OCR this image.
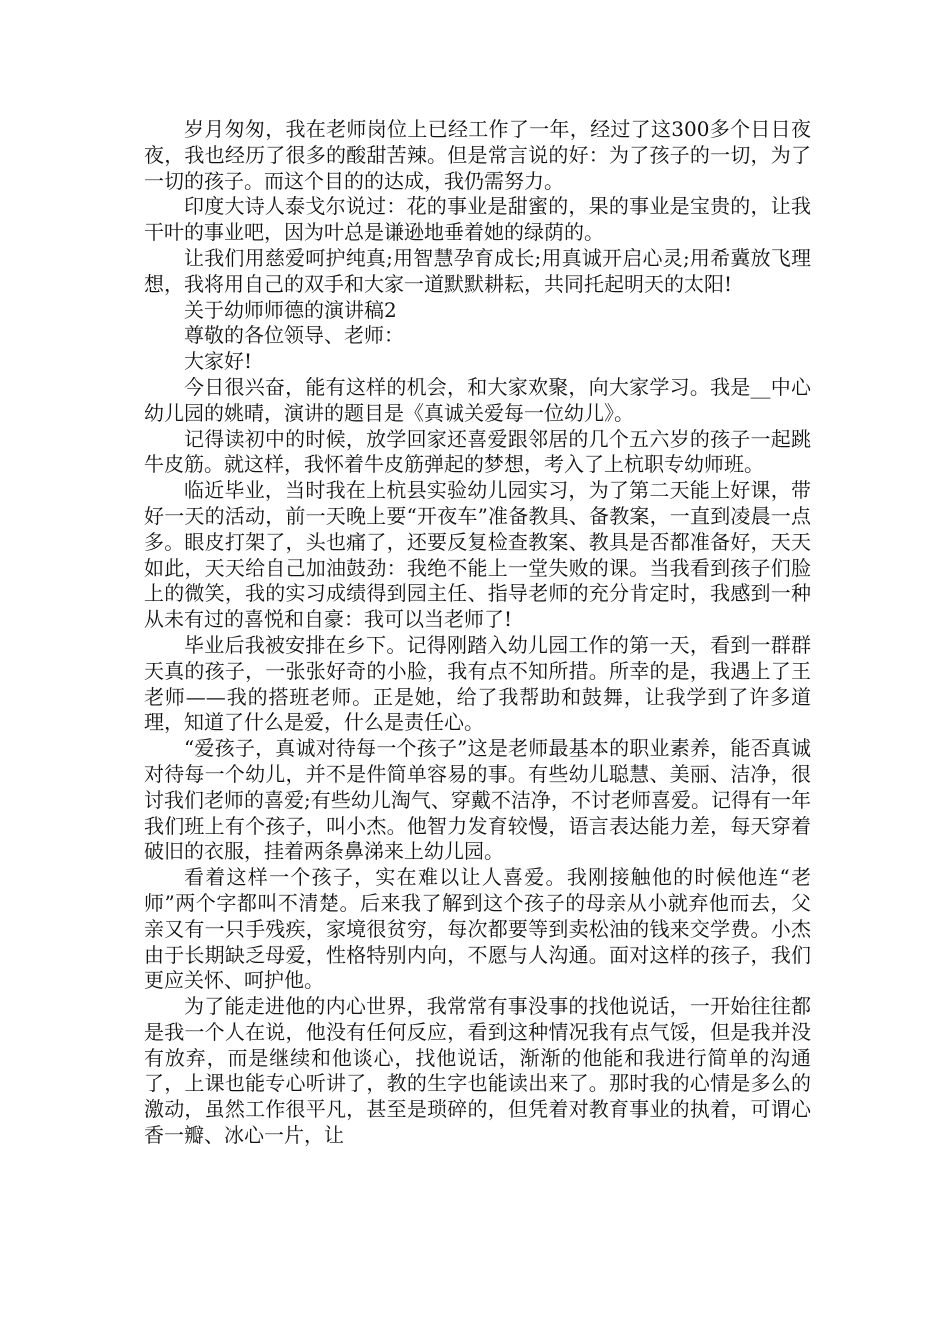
岁月匆匆，我在老师岗位上已经工作了一年，经过了这300多个日日夜夜，我也经历了很多的酸甜苦辣。但是常言说的好：为了孩子的一切，为了一切的孩子。而这个目的的达成，我仍需努力。

印度大诗人泰戈尔说过：花的事业是甜蜜的，果的事业是宝贵的，让我干叶的事业吧，因为叶总是谦逊地垂着她的绿荫的。

让我们用慈爱呵护纯真;用智慧孕育成长;用真诚开启心灵;用希冀放飞理想，我将用自己的双手和大家一道默默耕耘，共同托起明天的太阳!

关于幼师师德的演讲稿2

尊敬的各位领导、老师：

大家好!

今日很兴奋，能有这样的机会，和大家欢聚，向大家学习。我是__中心幼儿园的姚晴，演讲的题目是《真诚关爱每一位幼儿》。

记得读初中的时候，放学回家还喜爱跟邻居的几个五六岁的孩子一起跳牛皮筋。就这样，我怀着牛皮筋弹起的梦想，考入了上杭职专幼师班。

临近毕业，当时我在上杭县实验幼儿园实习，为了第二天能上好课，带好一天的活动，前一天晚上要“开夜车”准备教具、备教案，一直到凌晨一点多。眼皮打架了，头也痛了，还要反复检查教案、教具是否都准备好，天天如此，天天给自己加油鼓劲：我绝不能上一堂失败的课。当我看到孩子们脸上的微笑，我的实习成绩得到园主任、指导老师的充分肯定时，我感到一种从未有过的喜悦和自豪：我可以当老师了!

毕业后我被安排在乡下。记得刚踏入幼儿园工作的第一天，看到一群群天真的孩子，一张张好奇的小脸，我有点不知所措。所幸的是，我遇上了王老师——我的搭班老师。正是她，给了我帮助和鼓舞，让我学到了许多道理，知道了什么是爱，什么是责任心。

“爱孩子，真诚对待每一个孩子”这是老师最基本的职业素养，能否真诚对待每一个幼儿，并不是件简单容易的事。有些幼儿聪慧、美丽、洁净，很讨我们老师的喜爱;有些幼儿淘气、穿戴不洁净，不讨老师喜爱。记得有一年我们班上有个孩子，叫小杰。他智力发育较慢，语言表达能力差，每天穿着破旧的衣服，挂着两条鼻涕来上幼儿园。

看着这样一个孩子，实在难以让人喜爱。我刚接触他的时候他连“老师”两个字都叫不清楚。后来我了解到这个孩子的母亲从小就弃他而去，父亲又有一只手残疾，家境很贫穷，每次都要等到卖松油的钱来交学费。小杰由于长期缺乏母爱，性格特别内向，不愿与人沟通。面对这样的孩子，我们更应关怀、呵护他。

为了能走进他的内心世界，我常常有事没事的找他说话，一开始往往都是我一个人在说，他没有任何反应，看到这种情况我有点气馁，但是我并没有放弃，而是继续和他谈心，找他说话，渐渐的他能和我进行简单的沟通了，上课也能专心听讲了，教的生字也能读出来了。那时我的心情是多么的激动，虽然工作很平凡，甚至是琐碎的，但凭着对教育事业的执着，可谓心香一瓣、冰心一片，让
